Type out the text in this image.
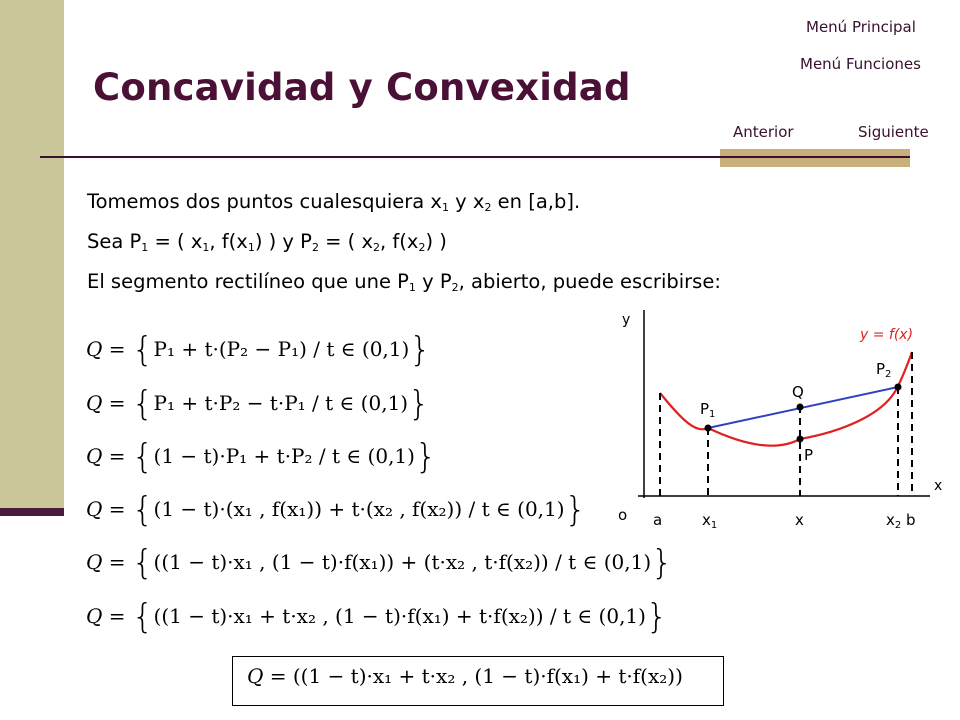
Menú Principal
Menú Funciones
Anterior	Siguiente
Concavidad y Convexidad
Tomemos dos puntos cualesquiera $x_1$ y $x_2$ en [a,b].
Sea $P_1$ = ( $x_1$, $f(x_1)$ ) y $P_2$ = ( $x_2$, $f(x_2)$ )
El segmento rectilíneo que une $P_1$ y $P_2$, abierto, puede escribirse:
Q = {P₁ + t·(P₂ − P₁) / t ∈ (0,1)}
Q = {P₁ + t·P₂ − t·P₁ / t ∈ (0,1)}
Q = {(1 − t)·P₁ + t·P₂ / t ∈ (0,1)}
Q = {(1 − t)·(x₁ , f(x₁)) + t·(x₂ , f(x₂)) / t ∈ (0,1)}
Q = {((1 − t)·x₁ , (1 − t)·f(x₁)) + (t·x₂ , t·f(x₂)) / t ∈ (0,1)}
Q = {((1 − t)·x₁ + t·x₂ , (1 − t)·f(x₁) + t·f(x₂)) / t ∈ (0,1)}
Q = ((1 − t)·x₁ + t·x₂ , (1 − t)·f(x₁) + t·f(x₂))
y
x
o
y = f(x)
$P_1$
$P_2$
Q
P
a	$x_1$	x	$x_2$ b
